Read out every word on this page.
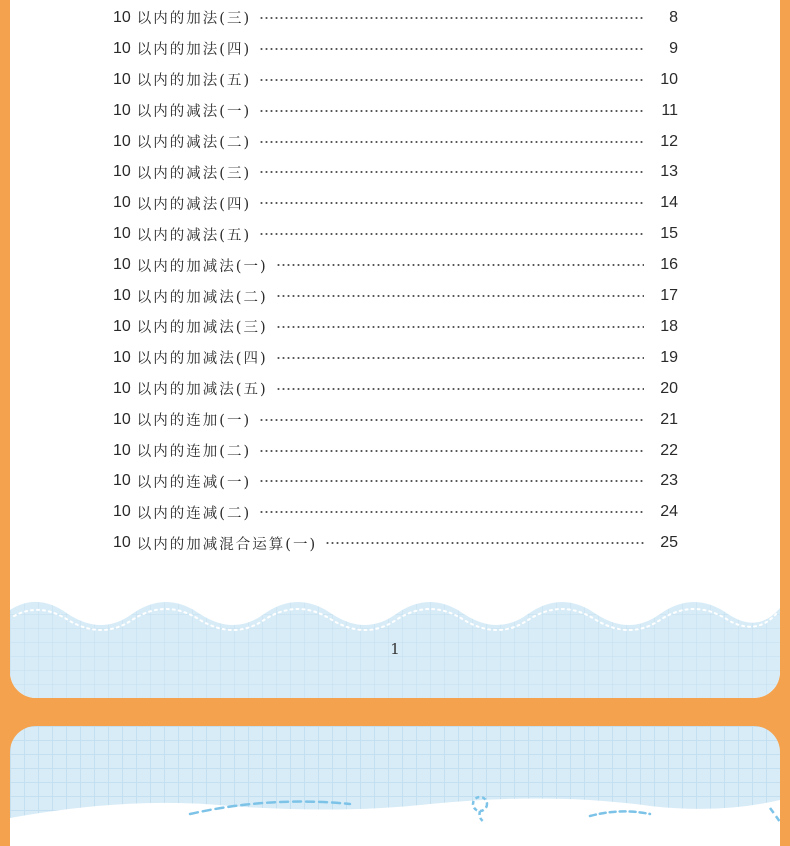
10 以内的加法(三)	8
10 以内的加法(四)	9
10 以内的加法(五)	10
10 以内的减法(一)	11
10 以内的减法(二)	12
10 以内的减法(三)	13
10 以内的减法(四)	14
10 以内的减法(五)	15
10 以内的加减法(一)	16
10 以内的加减法(二)	17
10 以内的加减法(三)	18
10 以内的加减法(四)	19
10 以内的加减法(五)	20
10 以内的连加(一)	21
10 以内的连加(二)	22
10 以内的连减(一)	23
10 以内的连减(二)	24
10 以内的加减混合运算(一)	25
1
